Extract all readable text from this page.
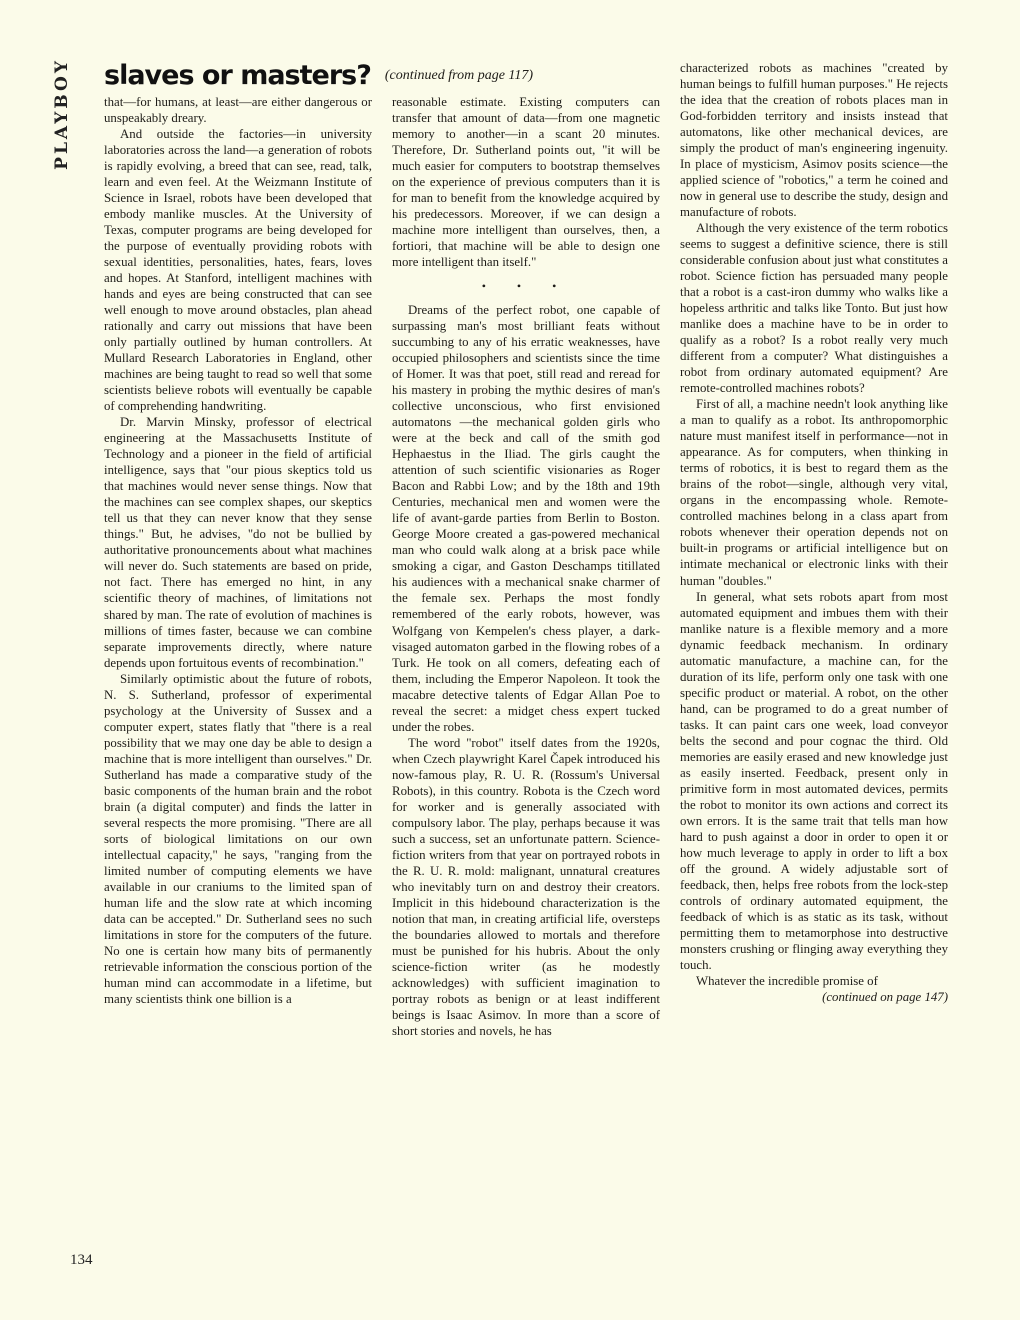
PLAYBOY
134
slaves or masters? (continued from page 117)

that—for humans, at least—are either dangerous or unspeakably dreary.

And outside the factories—in university laboratories across the land—a generation of robots is rapidly evolving, a breed that can see, read, talk, learn and even feel. At the Weizmann Institute of Science in Israel, robots have been developed that embody manlike muscles. At the University of Texas, computer programs are being developed for the purpose of eventually providing robots with sexual identities, personalities, hates, fears, loves and hopes. At Stanford, intelligent machines with hands and eyes are being constructed that can see well enough to move around obstacles, plan ahead rationally and carry out missions that have been only partially outlined by human controllers. At Mullard Research Laboratories in England, other machines are being taught to read so well that some scientists believe robots will eventually be capable of comprehending handwriting.

Dr. Marvin Minsky, professor of electrical engineering at the Massachusetts Institute of Technology and a pioneer in the field of artificial intelligence, says that "our pious skeptics told us that machines would never sense things. Now that the machines can see complex shapes, our skeptics tell us that they can never know that they sense things." But, he advises, "do not be bullied by authoritative pronouncements about what machines will never do. Such statements are based on pride, not fact. There has emerged no hint, in any scientific theory of machines, of limitations not shared by man. The rate of evolution of machines is millions of times faster, because we can combine separate improvements directly, where nature depends upon fortuitous events of recombination."

Similarly optimistic about the future of robots, N. S. Sutherland, professor of experimental psychology at the University of Sussex and a computer expert, states flatly that "there is a real possibility that we may one day be able to design a machine that is more intelligent than ourselves." Dr. Sutherland has made a comparative study of the basic components of the human brain and the robot brain (a digital computer) and finds the latter in several respects the more promising. "There are all sorts of biological limitations on our own intellectual capacity," he says, "ranging from the limited number of computing elements we have available in our craniums to the limited span of human life and the slow rate at which incoming data can be accepted." Dr. Sutherland sees no such limitations in store for the computers of the future. No one is certain how many bits of permanently retrievable information the conscious portion of the human mind can accommodate in a lifetime, but many scientists think one billion is a

reasonable estimate. Existing computers can transfer that amount of data—from one magnetic memory to another—in a scant 20 minutes. Therefore, Dr. Sutherland points out, "it will be much easier for computers to bootstrap themselves on the experience of previous computers than it is for man to benefit from the knowledge acquired by his predecessors. Moreover, if we can design a machine more intelligent than ourselves, then, a fortiori, that machine will be able to design one more intelligent than itself."

• • •

Dreams of the perfect robot, one capable of surpassing man's most brilliant feats without succumbing to any of his erratic weaknesses, have occupied philosophers and scientists since the time of Homer. It was that poet, still read and reread for his mastery in probing the mythic desires of man's collective unconscious, who first envisioned automatons —the mechanical golden girls who were at the beck and call of the smith god Hephaestus in the Iliad. The girls caught the attention of such scientific visionaries as Roger Bacon and Rabbi Low; and by the 18th and 19th Centuries, mechanical men and women were the life of avant-garde parties from Berlin to Boston. George Moore created a gas-powered mechanical man who could walk along at a brisk pace while smoking a cigar, and Gaston Deschamps titillated his audiences with a mechanical snake charmer of the female sex. Perhaps the most fondly remembered of the early robots, however, was Wolfgang von Kempelen's chess player, a dark-visaged automaton garbed in the flowing robes of a Turk. He took on all comers, defeating each of them, including the Emperor Napoleon. It took the macabre detective talents of Edgar Allan Poe to reveal the secret: a midget chess expert tucked under the robes.

The word "robot" itself dates from the 1920s, when Czech playwright Karel Čapek introduced his now-famous play, R. U. R. (Rossum's Universal Robots), in this country. Robota is the Czech word for worker and is generally associated with compulsory labor. The play, perhaps because it was such a success, set an unfortunate pattern. Science-fiction writers from that year on portrayed robots in the R. U. R. mold: malignant, unnatural creatures who inevitably turn on and destroy their creators. Implicit in this hidebound characterization is the notion that man, in creating artificial life, oversteps the boundaries allowed to mortals and therefore must be punished for his hubris. About the only science-fiction writer (as he modestly acknowledges) with sufficient imagination to portray robots as benign or at least indifferent beings is Isaac Asimov. In more than a score of short stories and novels, he has

characterized robots as machines "created by human beings to fulfill human purposes." He rejects the idea that the creation of robots places man in God-forbidden territory and insists instead that automatons, like other mechanical devices, are simply the product of man's engineering ingenuity. In place of mysticism, Asimov posits science—the applied science of "robotics," a term he coined and now in general use to describe the study, design and manufacture of robots.

Although the very existence of the term robotics seems to suggest a definitive science, there is still considerable confusion about just what constitutes a robot. Science fiction has persuaded many people that a robot is a cast-iron dummy who walks like a hopeless arthritic and talks like Tonto. But just how manlike does a machine have to be in order to qualify as a robot? Is a robot really very much different from a computer? What distinguishes a robot from ordinary automated equipment? Are remote-controlled machines robots?

First of all, a machine needn't look anything like a man to qualify as a robot. Its anthropomorphic nature must manifest itself in performance—not in appearance. As for computers, when thinking in terms of robotics, it is best to regard them as the brains of the robot—single, although very vital, organs in the encompassing whole. Remote-controlled machines belong in a class apart from robots whenever their operation depends not on built-in programs or artificial intelligence but on intimate mechanical or electronic links with their human "doubles."

In general, what sets robots apart from most automated equipment and imbues them with their manlike nature is a flexible memory and a more dynamic feedback mechanism. In ordinary automatic manufacture, a machine can, for the duration of its life, perform only one task with one specific product or material. A robot, on the other hand, can be programed to do a great number of tasks. It can paint cars one week, load conveyor belts the second and pour cognac the third. Old memories are easily erased and new knowledge just as easily inserted. Feedback, present only in primitive form in most automated devices, permits the robot to monitor its own actions and correct its own errors. It is the same trait that tells man how hard to push against a door in order to open it or how much leverage to apply in order to lift a box off the ground. A widely adjustable sort of feedback, then, helps free robots from the lock-step controls of ordinary automated equipment, the feedback of which is as static as its task, without permitting them to metamorphose into destructive monsters crushing or flinging away everything they touch.

Whatever the incredible promise of

(continued on page 147)
